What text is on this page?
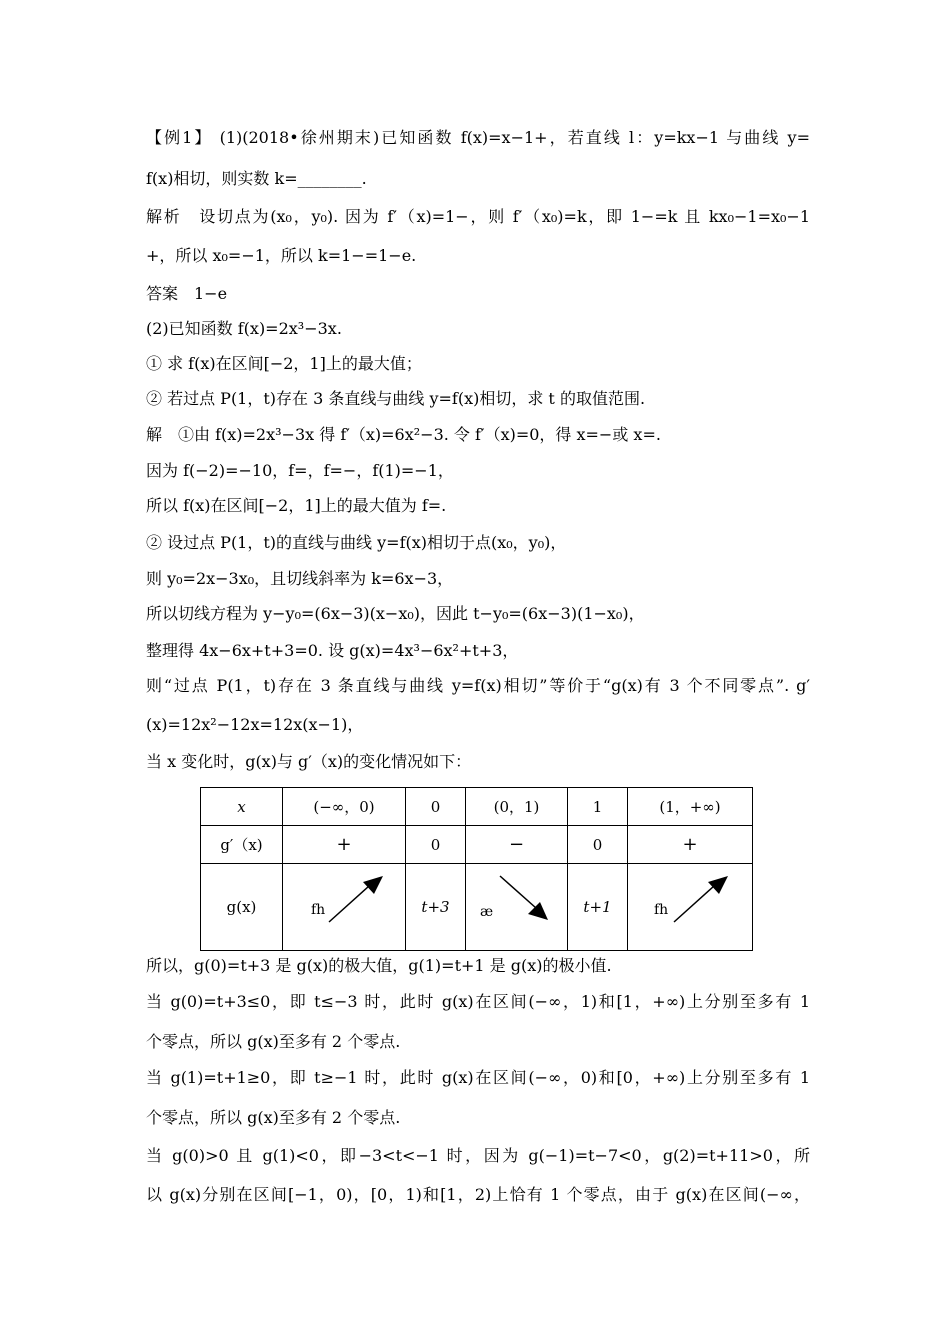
【例1】 (1)(2018•徐州期末)已知函数 f(x)=x−1+，若直线 l：y=kx−1 与曲线 y=
f(x)相切，则实数 k=________.
解析　设切点为(x₀，y₀). 因为 f′（x)=1−，则 f′（x₀)=k，即 1−=k 且 kx₀−1=x₀−1
+，所以 x₀=−1，所以 k=1−=1−e.
答案　1−e
(2)已知函数 f(x)=2x³−3x.
① 求 f(x)在区间[−2，1]上的最大值；
② 若过点 P(1，t)存在 3 条直线与曲线 y=f(x)相切，求 t 的取值范围.
解　①由 f(x)=2x³−3x 得 f′（x)=6x²−3. 令 f′（x)=0，得 x=−或 x=.
因为 f(−2)=−10，f=，f=−，f(1)=−1，
所以 f(x)在区间[−2，1]上的最大值为 f=.
② 设过点 P(1，t)的直线与曲线 y=f(x)相切于点(x₀，y₀)，
则 y₀=2x−3x₀，且切线斜率为 k=6x−3，
所以切线方程为 y−y₀=(6x−3)(x−x₀)，因此 t−y₀=(6x−3)(1−x₀)，
整理得 4x−6x+t+3=0. 设 g(x)=4x³−6x²+t+3，
则“过点 P(1，t)存在 3 条直线与曲线 y=f(x)相切”等价于“g(x)有 3 个不同零点”. g′
(x)=12x²−12x=12x(x−1)，
当 x 变化时，g(x)与 g′（x)的变化情况如下：
x	(−∞，0)	0	(0，1)	1	(1，+∞)
g′（x)	+	0	−	0	+
g(x)	fh	t+3	æ	t+1	fh
所以，g(0)=t+3 是 g(x)的极大值，g(1)=t+1 是 g(x)的极小值.
当 g(0)=t+3≤0，即 t≤−3 时，此时 g(x)在区间(−∞，1)和[1，+∞)上分别至多有 1
个零点，所以 g(x)至多有 2 个零点.
当 g(1)=t+1≥0，即 t≥−1 时，此时 g(x)在区间(−∞，0)和[0，+∞)上分别至多有 1
个零点，所以 g(x)至多有 2 个零点.
当 g(0)>0 且 g(1)<0，即−3<t<−1 时，因为 g(−1)=t−7<0，g(2)=t+11>0，所
以 g(x)分别在区间[−1，0)，[0，1)和[1，2)上恰有 1 个零点，由于 g(x)在区间(−∞，
